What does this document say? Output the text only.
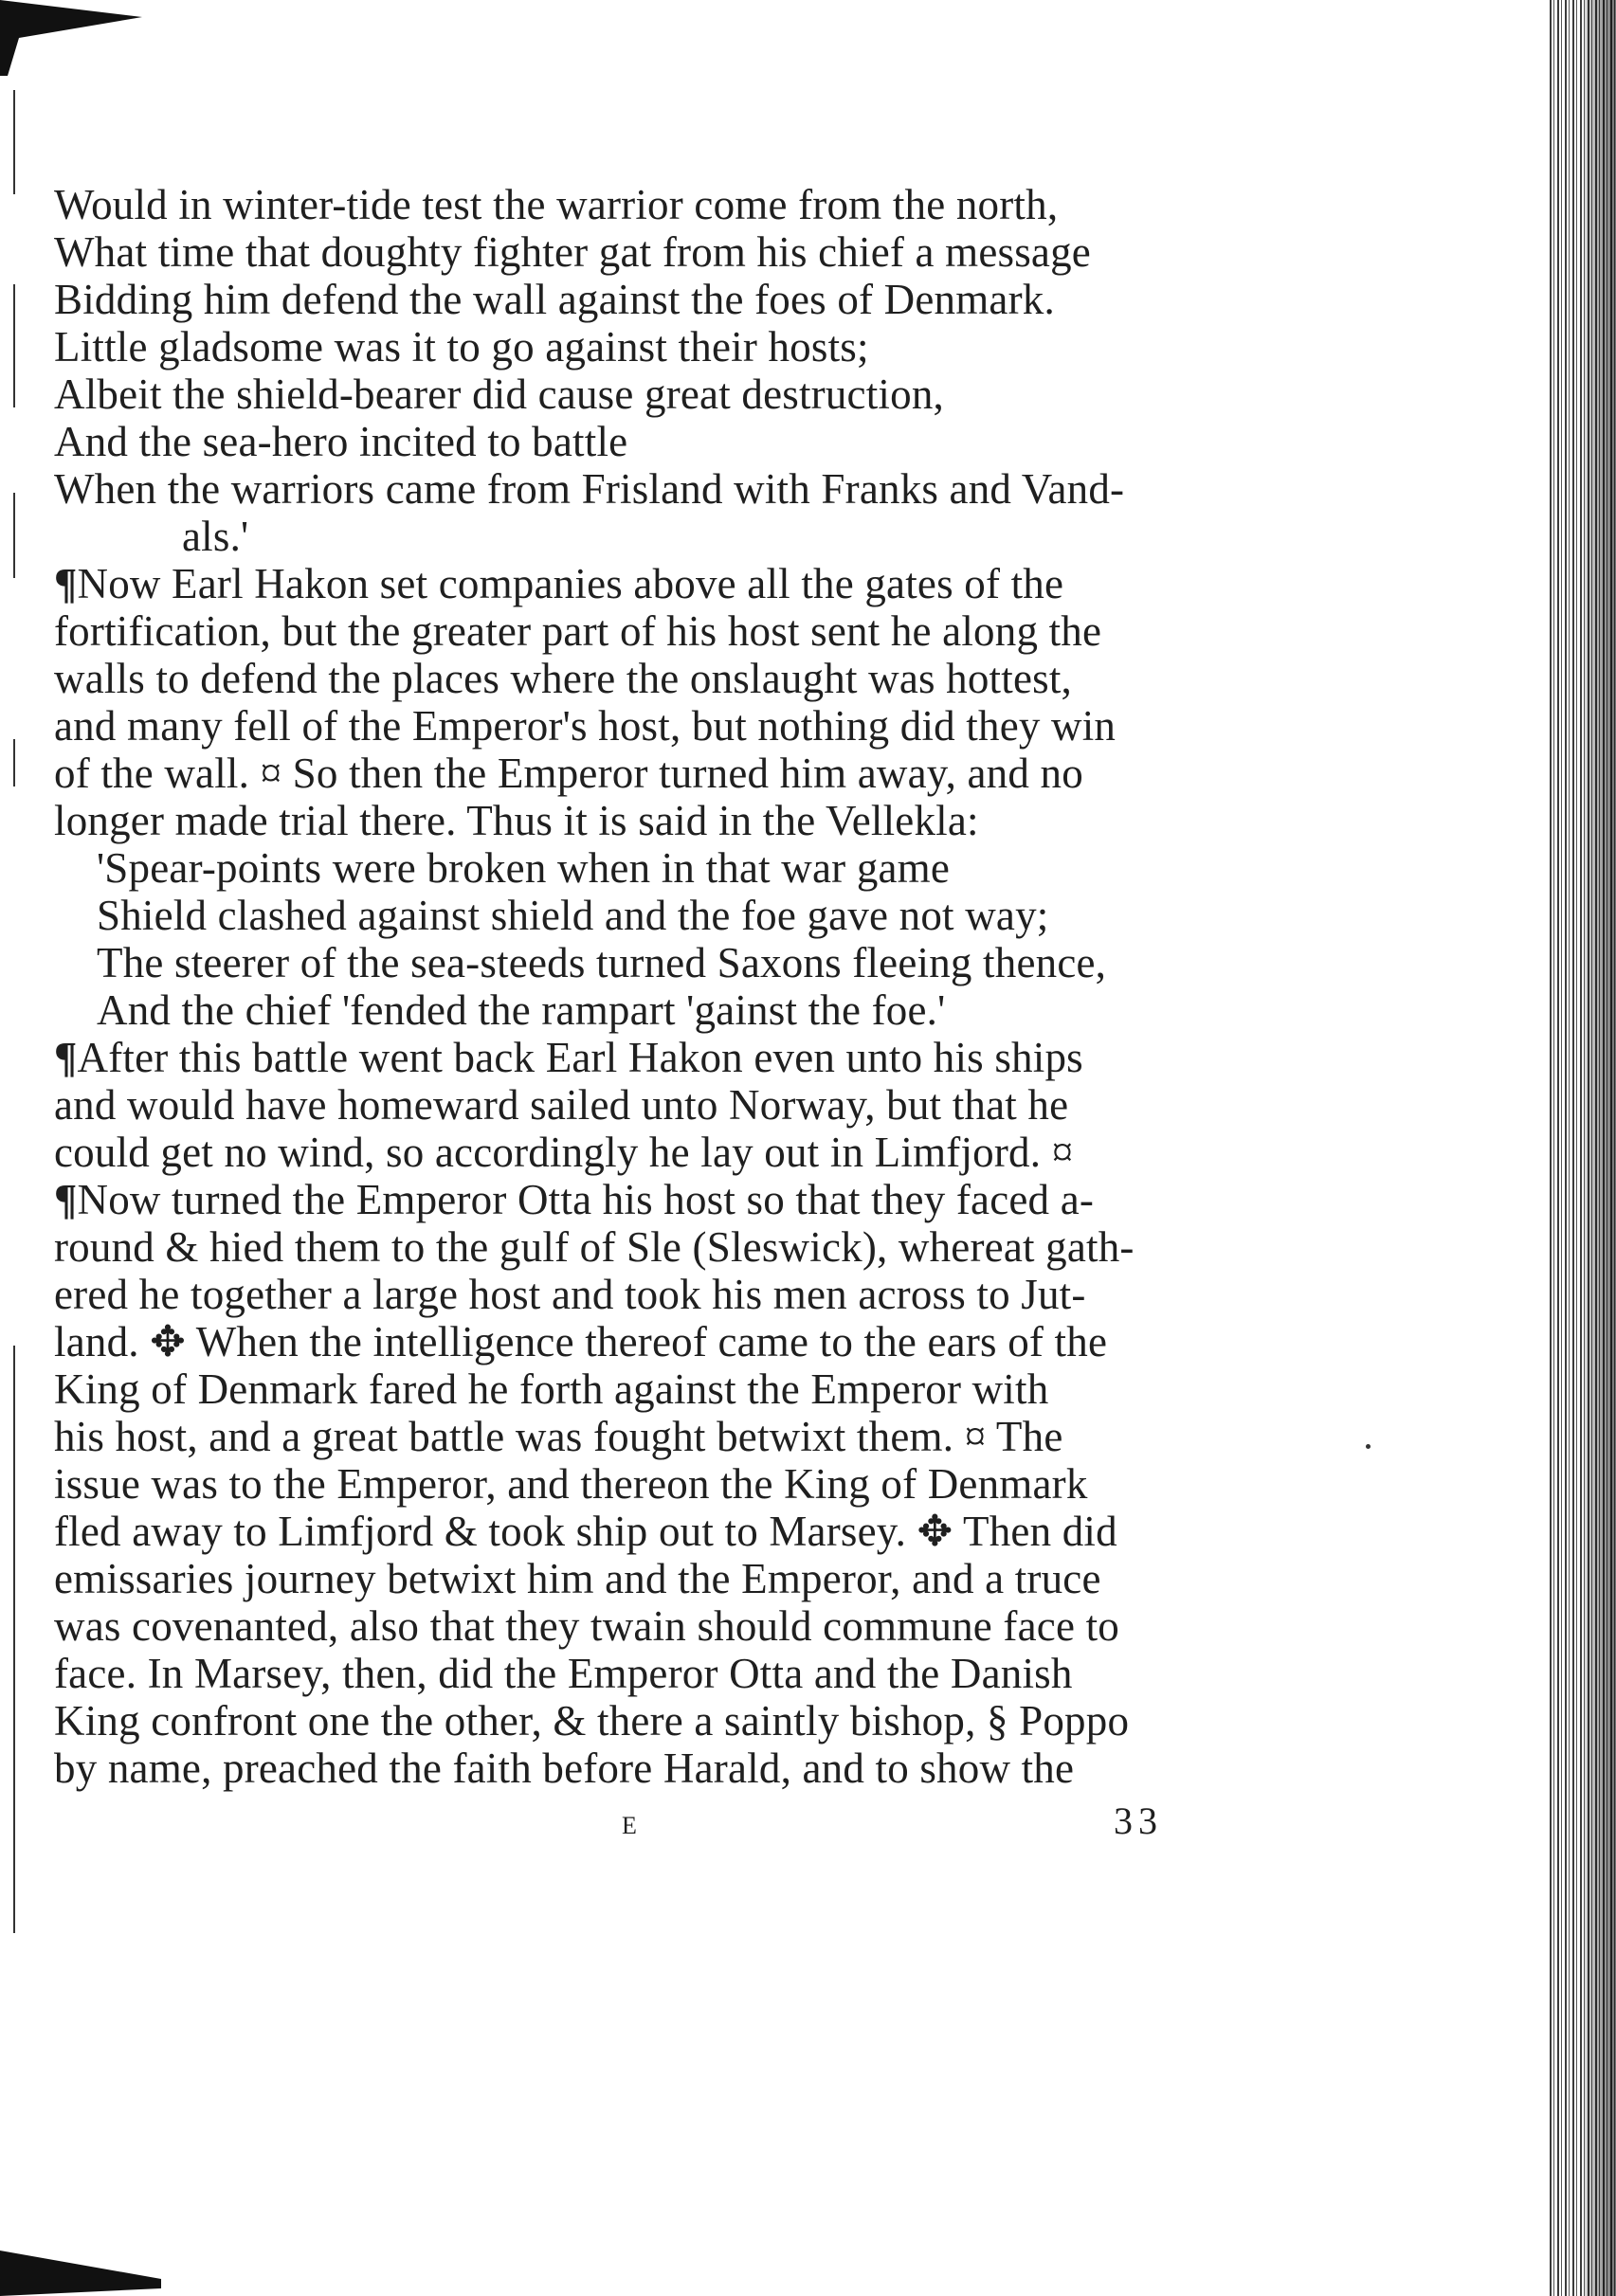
Would in winter-tide test the warrior come from the north,
What time that doughty fighter gat from his chief a message
Bidding him defend the wall against the foes of Denmark.
Little gladsome was it to go against their hosts;
Albeit the shield-bearer did cause great destruction,
And the sea-hero incited to battle
When the warriors came from Frisland with Franks and Vand-
als.'
¶Now Earl Hakon set companies above all the gates of the
fortification, but the greater part of his host sent he along the
walls to defend the places where the onslaught was hottest,
and many fell of the Emperor's host, but nothing did they win
of the wall. ¤ So then the Emperor turned him away, and no
longer made trial there. Thus it is said in the Vellekla:
'Spear-points were broken when in that war game
Shield clashed against shield and the foe gave not way;
The steerer of the sea-steeds turned Saxons fleeing thence,
And the chief 'fended the rampart 'gainst the foe.'
¶After this battle went back Earl Hakon even unto his ships
and would have homeward sailed unto Norway, but that he
could get no wind, so accordingly he lay out in Limfjord. ¤
¶Now turned the Emperor Otta his host so that they faced a-
round & hied them to the gulf of Sle (Sleswick), whereat gath-
ered he together a large host and took his men across to Jut-
land. ✥ When the intelligence thereof came to the ears of the
King of Denmark fared he forth against the Emperor with
his host, and a great battle was fought betwixt them. ¤ The
issue was to the Emperor, and thereon the King of Denmark
fled away to Limfjord & took ship out to Marsey. ✥ Then did
emissaries journey betwixt him and the Emperor, and a truce
was covenanted, also that they twain should commune face to
face. In Marsey, then, did the Emperor Otta and the Danish
King confront one the other, & there a saintly bishop, § Poppo
by name, preached the faith before Harald, and to show the
E	33
